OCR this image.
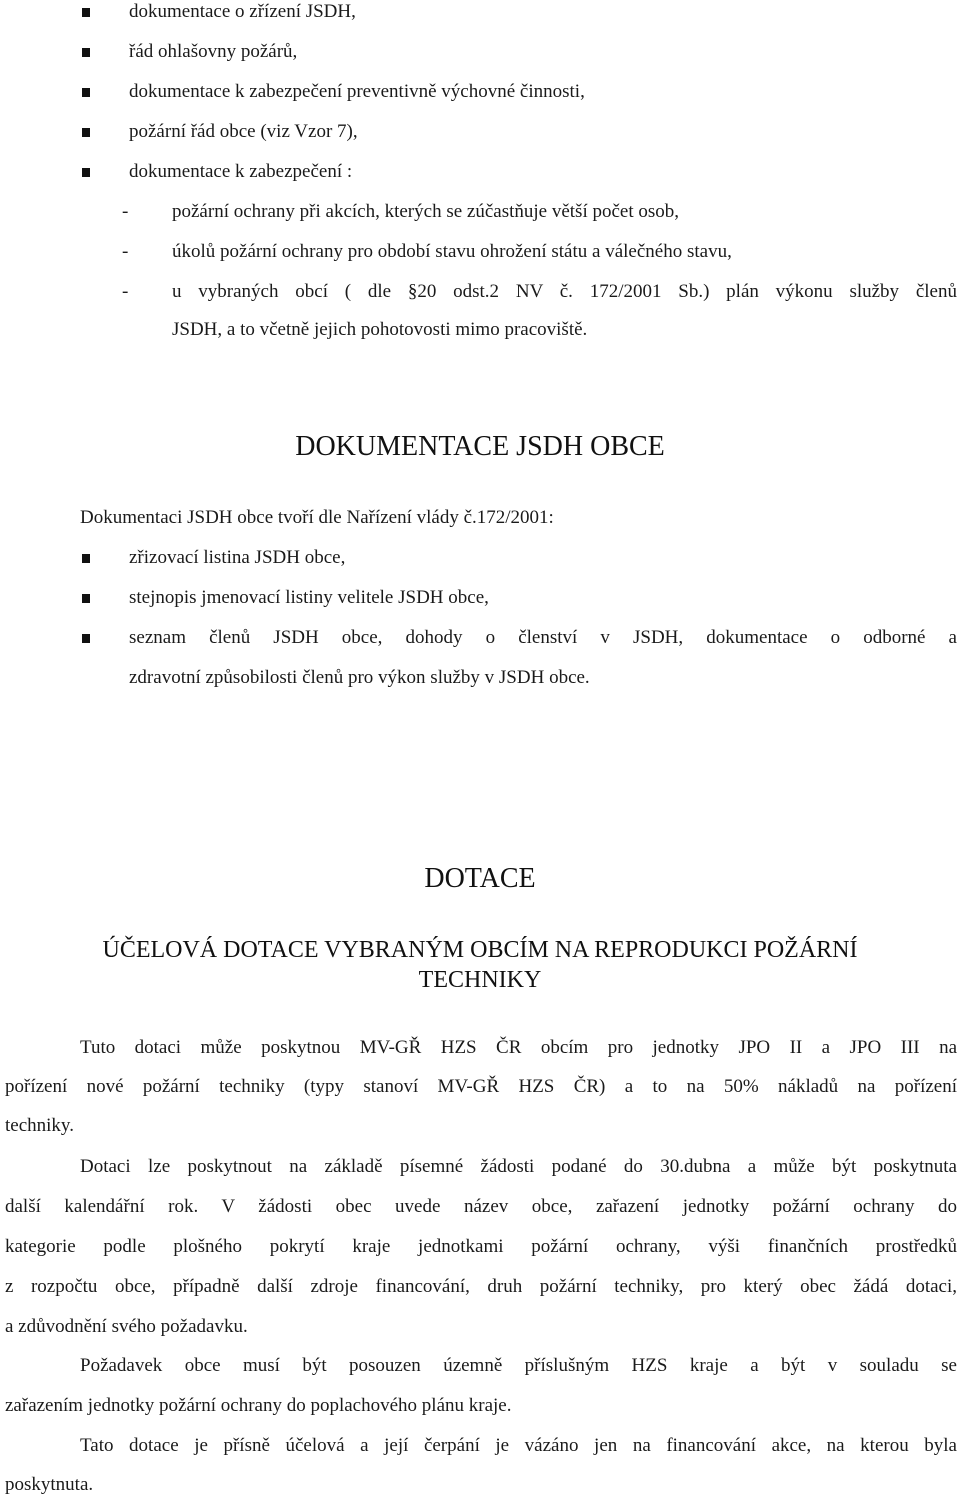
dokumentace o zřízení JSDH,
řád ohlašovny požárů,
dokumentace k zabezpečení preventivně výchovné činnosti,
požární řád obce (viz Vzor 7),
dokumentace k zabezpečení :
- požární ochrany při akcích, kterých se zúčastňuje větší počet osob,
- úkolů požární ochrany pro období stavu ohrožení státu a válečného stavu,
- u vybraných obcí ( dle §20 odst.2 NV č. 172/2001 Sb.) plán výkonu služby členů
JSDH, a to včetně jejich pohotovosti mimo pracoviště.
DOKUMENTACE JSDH OBCE
Dokumentaci JSDH obce tvoří dle Nařízení vlády č.172/2001:
zřizovací listina JSDH obce,
stejnopis jmenovací listiny velitele JSDH obce,
seznam členů JSDH obce, dohody o členství v JSDH, dokumentace o odborné a
zdravotní způsobilosti členů pro výkon služby v JSDH obce.
DOTACE
ÚČELOVÁ DOTACE VYBRANÝM OBCÍM NA REPRODUKCI POŽÁRNÍ
TECHNIKY
Tuto dotaci může poskytnou MV-GŘ HZS ČR obcím pro jednotky JPO II a JPO III na
pořízení nové požární techniky (typy stanoví MV-GŘ HZS ČR) a to na 50% nákladů na pořízení
techniky.
Dotaci lze poskytnout na základě písemné žádosti podané do 30.dubna a může být poskytnuta
další kalendářní rok. V žádosti obec uvede název obce, zařazení jednotky požární ochrany do
kategorie podle plošného pokrytí kraje jednotkami požární ochrany, výši finančních prostředků
z rozpočtu obce, případně další zdroje financování, druh požární techniky, pro který obec žádá dotaci,
a zdůvodnění svého požadavku.
Požadavek obce musí být posouzen územně příslušným HZS kraje a být v souladu se
zařazením jednotky požární ochrany do poplachového plánu kraje.
Tato dotace je přísně účelová a její čerpání je vázáno jen na financování akce, na kterou byla
poskytnuta.
